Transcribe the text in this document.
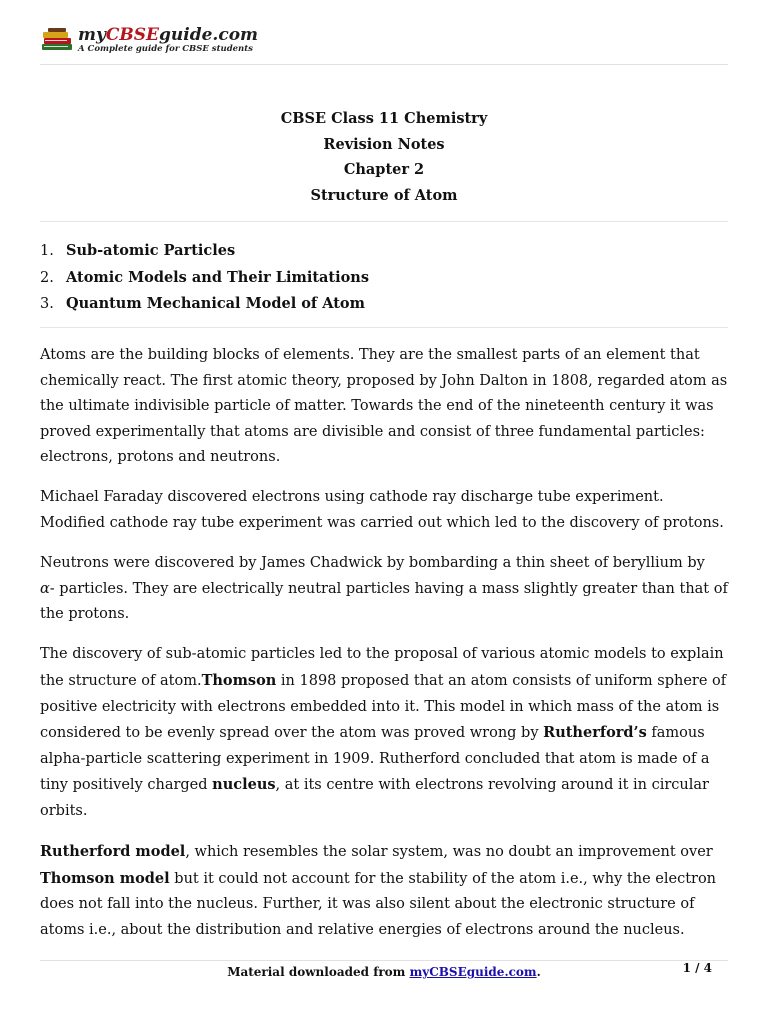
myCBSEguide.com
A Complete guide for CBSE students
CBSE Class 11 Chemistry
Revision Notes
Chapter 2
Structure of Atom
1. Sub-atomic Particles
2. Atomic Models and Their Limitations
3. Quantum Mechanical Model of Atom

Atoms are the building blocks of elements. They are the smallest parts of an element that chemically react. The first atomic theory, proposed by John Dalton in 1808, regarded atom as the ultimate indivisible particle of matter. Towards the end of the nineteenth century it was proved experimentally that atoms are divisible and consist of three fundamental particles: electrons, protons and neutrons.

Michael Faraday discovered electrons using cathode ray discharge tube experiment. Modified cathode ray tube experiment was carried out which led to the discovery of protons.

Neutrons were discovered by James Chadwick by bombarding a thin sheet of beryllium by
α- particles. They are electrically neutral particles having a mass slightly greater than that of the protons.

The discovery of sub-atomic particles led to the proposal of various atomic models to explain the structure of atom.Thomson in 1898 proposed that an atom consists of uniform sphere of positive electricity with electrons embedded into it. This model in which mass of the atom is considered to be evenly spread over the atom was proved wrong by Rutherford’s famous alpha-particle scattering experiment in 1909. Rutherford concluded that atom is made of a tiny positively charged nucleus, at its centre with electrons revolving around it in circular orbits.

Rutherford model, which resembles the solar system, was no doubt an improvement over Thomson model but it could not account for the stability of the atom i.e., why the electron does not fall into the nucleus. Further, it was also silent about the electronic structure of atoms i.e., about the distribution and relative energies of electrons around the nucleus.

Material downloaded from myCBSEguide.com.	1 / 4
